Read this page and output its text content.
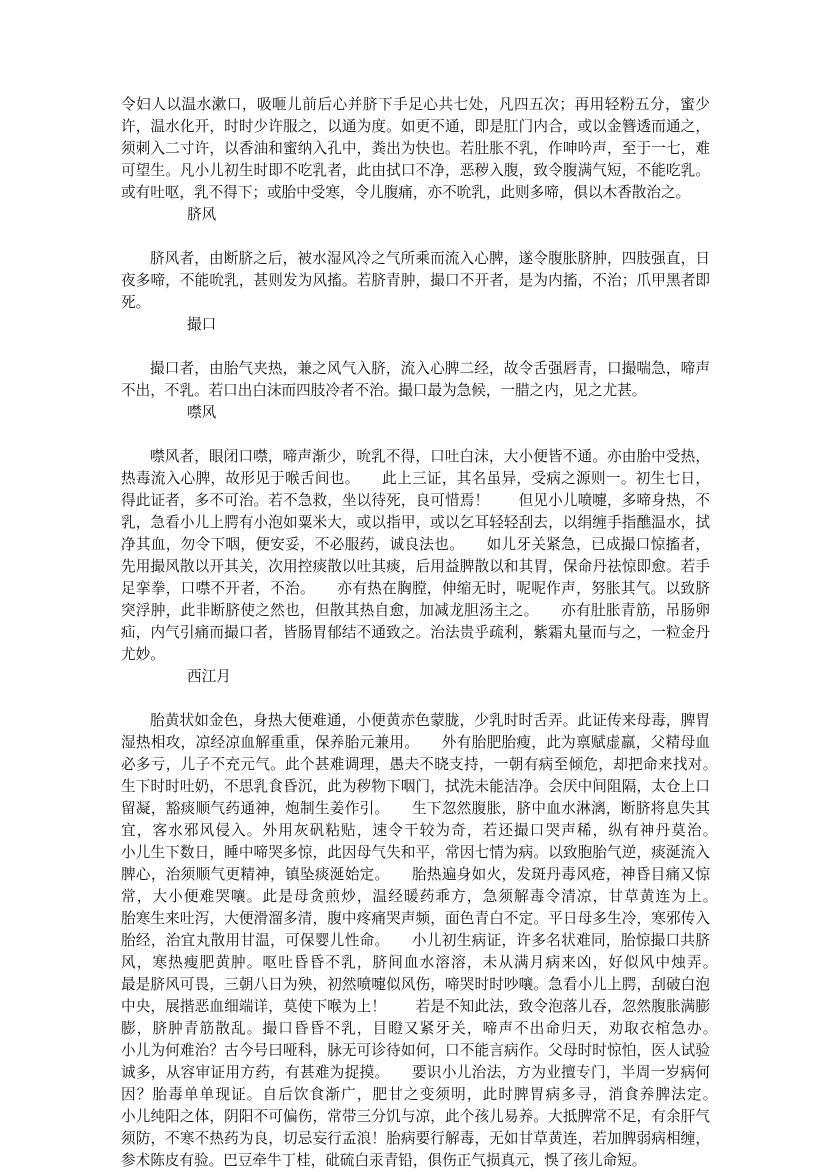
令妇人以温水漱口，吸咂儿前后心并脐下手足心共七处，凡四五次；再用轻粉五分，蜜少许，温水化开，时时少许服之，以通为度。如更不通，即是肛门内合，或以金簪透而通之，须刺入二寸许，以香油和蜜纳入孔中，粪出为快也。若肚胀不乳，作呻吟声，至于一七，难可望生。凡小儿初生时即不吃乳者，此由拭口不净，恶秽入腹，致令腹满气短，不能吃乳。或有吐呕，乳不得下；或胎中受寒，令儿腹痛，亦不吮乳，此则多啼，俱以木香散治之。

脐风

脐风者，由断脐之后，被水湿风冷之气所乘而流入心脾，遂令腹胀脐肿，四肢强直，日夜多啼，不能吮乳，甚则发为风搐。若脐青肿，撮口不开者，是为内搐，不治；爪甲黑者即死。

撮口

撮口者，由胎气夹热，兼之风气入脐，流入心脾二经，故令舌强唇青，口撮喘急，啼声不出，不乳。若口出白沫而四肢冷者不治。撮口最为急候，一腊之内，见之尤甚。

噤风

噤风者，眼闭口噤，啼声渐少，吮乳不得，口吐白沫，大小便皆不通。亦由胎中受热，热毒流入心脾，故形见于喉舌间也。　　此上三证，其名虽异，受病之源则一。初生七日，得此证者，多不可治。若不急救，坐以待死，良可惜焉！　　但见小儿喷嚏，多啼身热，不乳，急看小儿上腭有小泡如粟米大，或以指甲，或以乞耳轻轻刮去，以绢缠手指醮温水，拭净其血，勿令下咽，便安妥，不必服药，诚良法也。　　如儿牙关紧急，已成撮口惊搐者，先用撮风散以开其关，次用控痰散以吐其痰，后用益脾散以和其胃，保命丹祛惊即愈。若手足挛拳，口噤不开者，不治。　　亦有热在胸膛，伸缩无时，呢呢作声，努胀其气。以致脐突浮肿，此非断脐使之然也，但散其热自愈，加减龙胆汤主之。　　亦有肚胀青筋，吊肠卵疝，内气引痛而撮口者，皆肠胃郁结不通致之。治法贵乎疏利，紫霜丸量而与之，一粒金丹尤妙。

西江月

胎黄状如金色，身热大便难通，小便黄赤色蒙胧，少乳时时舌弄。此证传来母毒，脾胃湿热相攻，凉经凉血解重重，保养胎元兼用。　　外有胎肥胎瘦，此为禀赋虚羸，父精母血必多亏，儿子不充元气。此个甚难调理，愚夫不晓支持，一朝有病至倾危，却把命来找对。　　生下时时吐奶，不思乳食昏沉，此为秽物下咽门，拭洗未能洁净。会厌中间阻隔，太仓上口留凝，豁痰顺气药通神，炮制生姜作引。　　生下忽然腹胀，脐中血水淋漓，断脐将息失其宜，客水邪风侵入。外用灰矾粘贴，速令干较为奇，若还撮口哭声稀，纵有神丹莫治。　　小儿生下数日，睡中啼哭多惊，此因母气失和平，常因七情为病。以致胞胎气逆，痰涎流入脾心，治须顺气更精神，镇坠痰涎始定。　　胎热遍身如火，发斑丹毒风疮，神昏目痛又惊常，大小便难哭嚷。此是母贪煎炒，温经暖药乖方，急须解毒令清凉，甘草黄连为上。　　胎寒生来吐泻，大便滑溜多清，腹中疼痛哭声频，面色青白不定。平日母多生冷，寒邪传入胎经，治宜丸散用甘温，可保婴儿性命。　　小儿初生病证，许多名状难同，胎惊撮口共脐风，寒热瘦肥黄肿。呕吐昏昏不乳，脐间血水溶溶，未从满月病来凶，好似风中烛弄。　　最是脐风可畏，三朝八日为殃，初然喷嚏似风伤，啼哭时时吵嚷。急看小儿上腭，刮破白泡中央，展揩恶血细端详，莫使下喉为上！　　若是不知此法，致令泡落儿吞，忽然腹胀满膨膨，脐肿青筋散乱。撮口昏昏不乳，目瞪又紧牙关，啼声不出命归天，劝取衣棺急办。　　小儿为何难治？古今号曰哑科，脉无可诊待如何，口不能言病作。父母时时惊怕，医人试验诚多，从容审证用方药，有甚难为捉摸。　　要识小儿治法，方为业擅专门，半周一岁病何因？胎毒单单现证。自后饮食渐广，肥甘之变须明，此时脾胃病多寻，消食养脾法定。　　小儿纯阳之体，阴阳不可偏伤，常带三分饥与凉，此个孩儿易养。大抵脾常不足，有余肝气须防，不寒不热药为良，切忌妄行孟浪！胎病要行解毒，无如甘草黄连，若加脾弱病相缠，参术陈皮有验。巴豆牵牛丁桂，砒硫白汞青铅，俱伤正气损真元，悞了孩儿命短。
